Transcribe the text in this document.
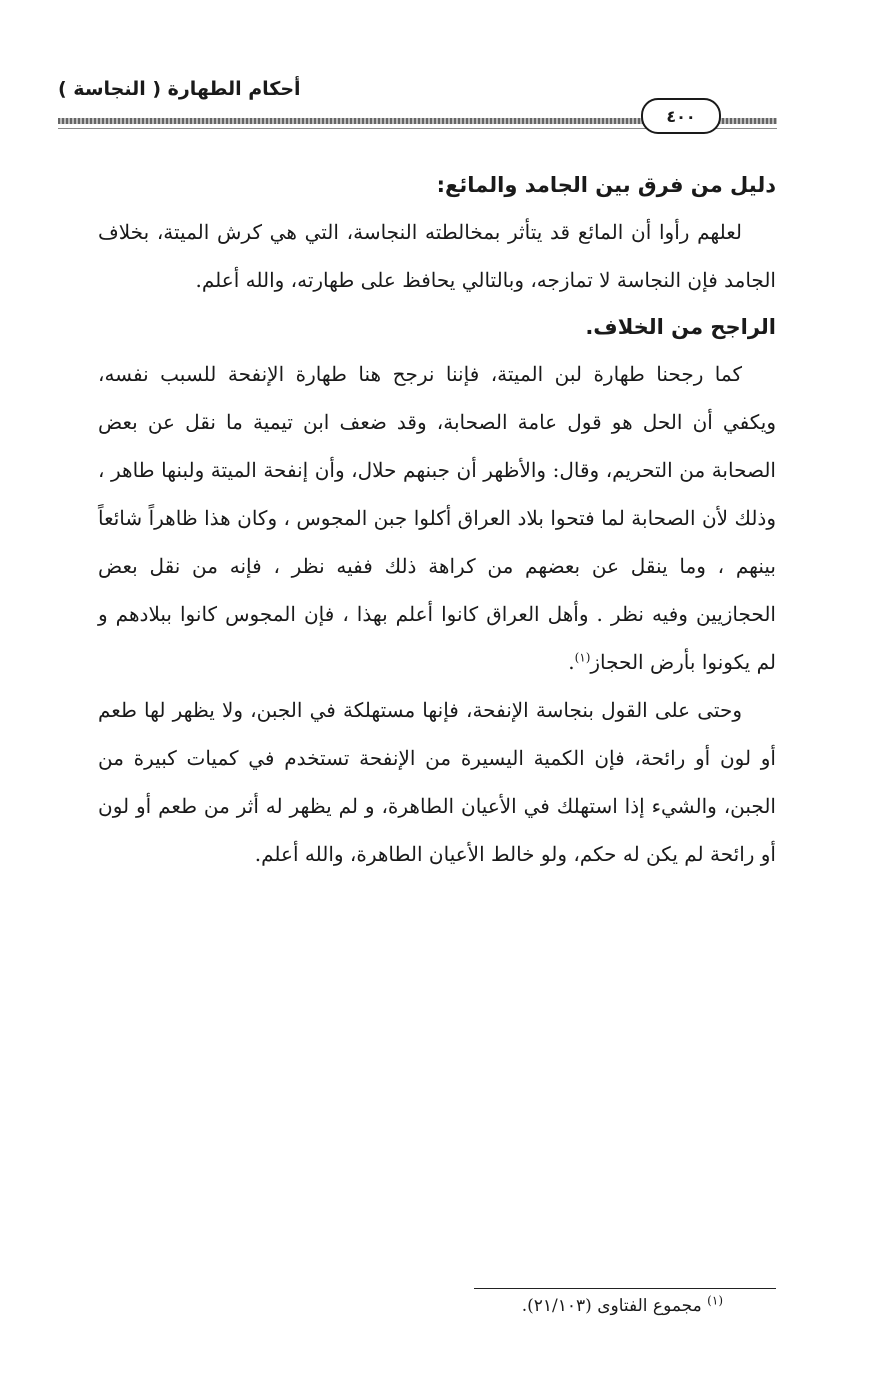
أحكام الطهارة ( النجاسة )
٤٠٠
دليل من فرق بين الجامد والمائع:

لعلهم رأوا أن المائع قد يتأثر بمخالطته النجاسة، التي هي كرش الميتة، بخلاف الجامد فإن النجاسة لا تمازجه، وبالتالي يحافظ على طهارته، والله أعلم.

الراجح من الخلاف.

كما رجحنا طهارة لبن الميتة، فإننا نرجح هنا طهارة الإنفحة للسبب نفسه، ويكفي أن الحل هو قول عامة الصحابة، وقد ضعف ابن تيمية ما نقل عن بعض الصحابة من التحريم، وقال: والأظهر أن جبنهم حلال، وأن إنفحة الميتة ولبنها طاهر ، وذلك لأن الصحابة لما فتحوا بلاد العراق أكلوا جبن المجوس ، وكان هذا ظاهراً شائعاً بينهم ، وما ينقل عن بعضهم من كراهة ذلك ففيه نظر ، فإنه من نقل بعض الحجازيين وفيه نظر . وأهل العراق كانوا أعلم بهذا ، فإن المجوس كانوا ببلادهم و لم يكونوا بأرض الحجاز$^{(١)}$.

وحتى على القول بنجاسة الإنفحة، فإنها مستهلكة في الجبن، ولا يظهر لها طعم أو لون أو رائحة، فإن الكمية اليسيرة من الإنفحة تستخدم في كميات كبيرة من الجبن، والشيء إذا استهلك في الأعيان الطاهرة، و لم يظهر له أثر من طعم أو لون أو رائحة لم يكن له حكم، ولو خالط الأعيان الطاهرة، والله أعلم.

$^{(١)}$ مجموع الفتاوى (٢١/١٠٣).
